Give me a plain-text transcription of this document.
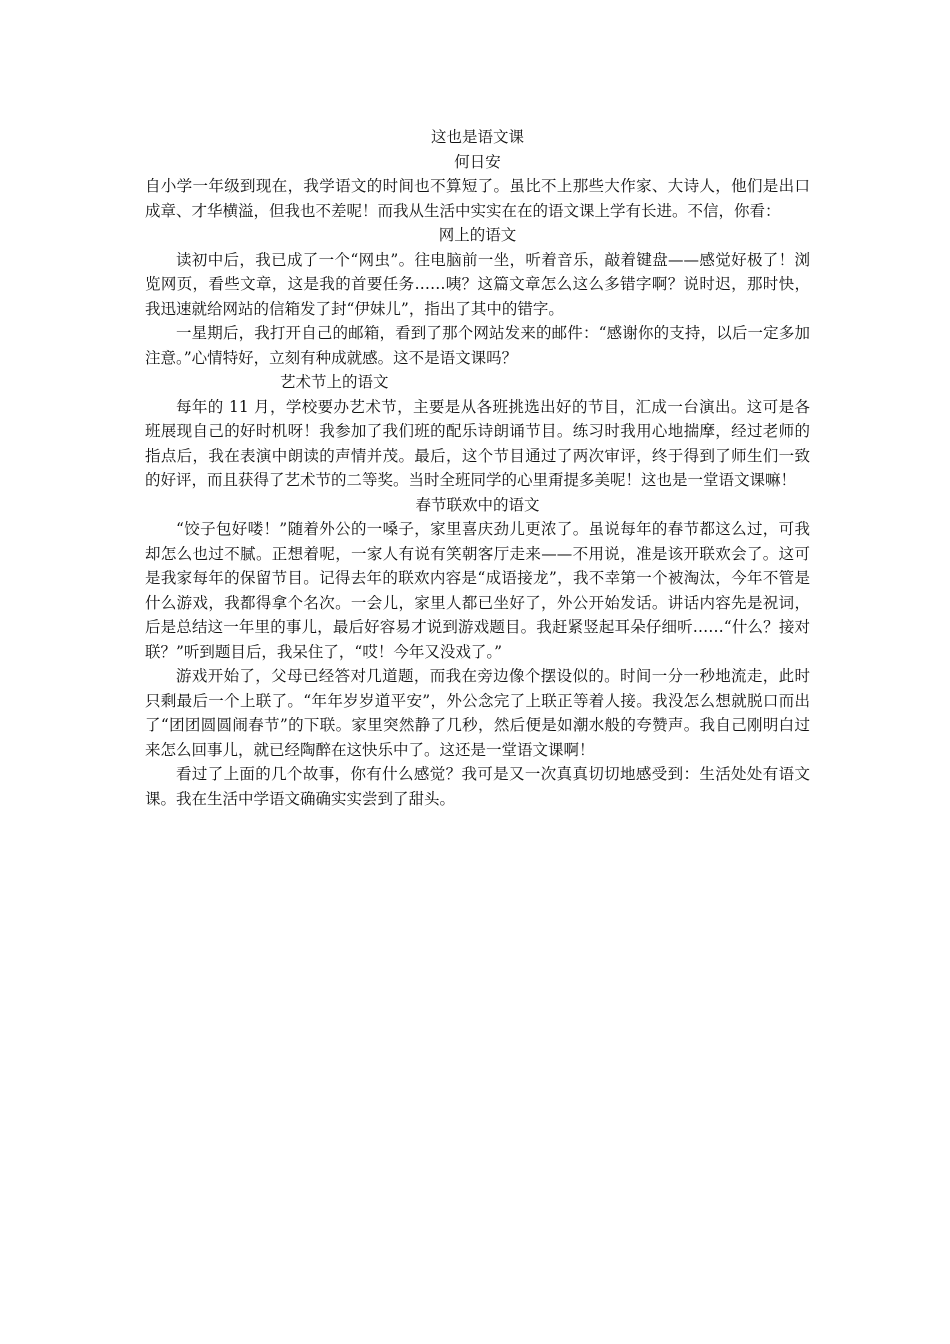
这也是语文课

何日安

自小学一年级到现在，我学语文的时间也不算短了。虽比不上那些大作家、大诗人，他们是出口成章、才华横溢，但我也不差呢！而我从生活中实实在在的语文课上学有长进。不信，你看：

网上的语文

读初中后，我已成了一个“网虫”。往电脑前一坐，听着音乐，敲着键盘——感觉好极了！浏览网页，看些文章，这是我的首要任务……咦？这篇文章怎么这么多错字啊？说时迟，那时快，我迅速就给网站的信箱发了封“伊妹儿”，指出了其中的错字。

一星期后，我打开自己的邮箱，看到了那个网站发来的邮件：“感谢你的支持，以后一定多加注意。”心情特好，立刻有种成就感。这不是语文课吗？

艺术节上的语文

每年的 11 月，学校要办艺术节，主要是从各班挑选出好的节目，汇成一台演出。这可是各班展现自己的好时机呀！我参加了我们班的配乐诗朗诵节目。练习时我用心地揣摩，经过老师的指点后，我在表演中朗读的声情并茂。最后，这个节目通过了两次审评，终于得到了师生们一致的好评，而且获得了艺术节的二等奖。当时全班同学的心里甭提多美呢！这也是一堂语文课嘛！

春节联欢中的语文

“饺子包好喽！”随着外公的一嗓子，家里喜庆劲儿更浓了。虽说每年的春节都这么过，可我却怎么也过不腻。正想着呢，一家人有说有笑朝客厅走来——不用说，准是该开联欢会了。这可是我家每年的保留节目。记得去年的联欢内容是“成语接龙”，我不幸第一个被淘汰，今年不管是什么游戏，我都得拿个名次。一会儿，家里人都已坐好了，外公开始发话。讲话内容先是祝词，后是总结这一年里的事儿，最后好容易才说到游戏题目。我赶紧竖起耳朵仔细听……“什么？接对联？”听到题目后，我呆住了，“哎！今年又没戏了。”

游戏开始了，父母已经答对几道题，而我在旁边像个摆设似的。时间一分一秒地流走，此时只剩最后一个上联了。“年年岁岁道平安”，外公念完了上联正等着人接。我没怎么想就脱口而出了“团团圆圆闹春节”的下联。家里突然静了几秒，然后便是如潮水般的夸赞声。我自己刚明白过来怎么回事儿，就已经陶醉在这快乐中了。这还是一堂语文课啊！

看过了上面的几个故事，你有什么感觉？我可是又一次真真切切地感受到：生活处处有语文课。我在生活中学语文确确实实尝到了甜头。
